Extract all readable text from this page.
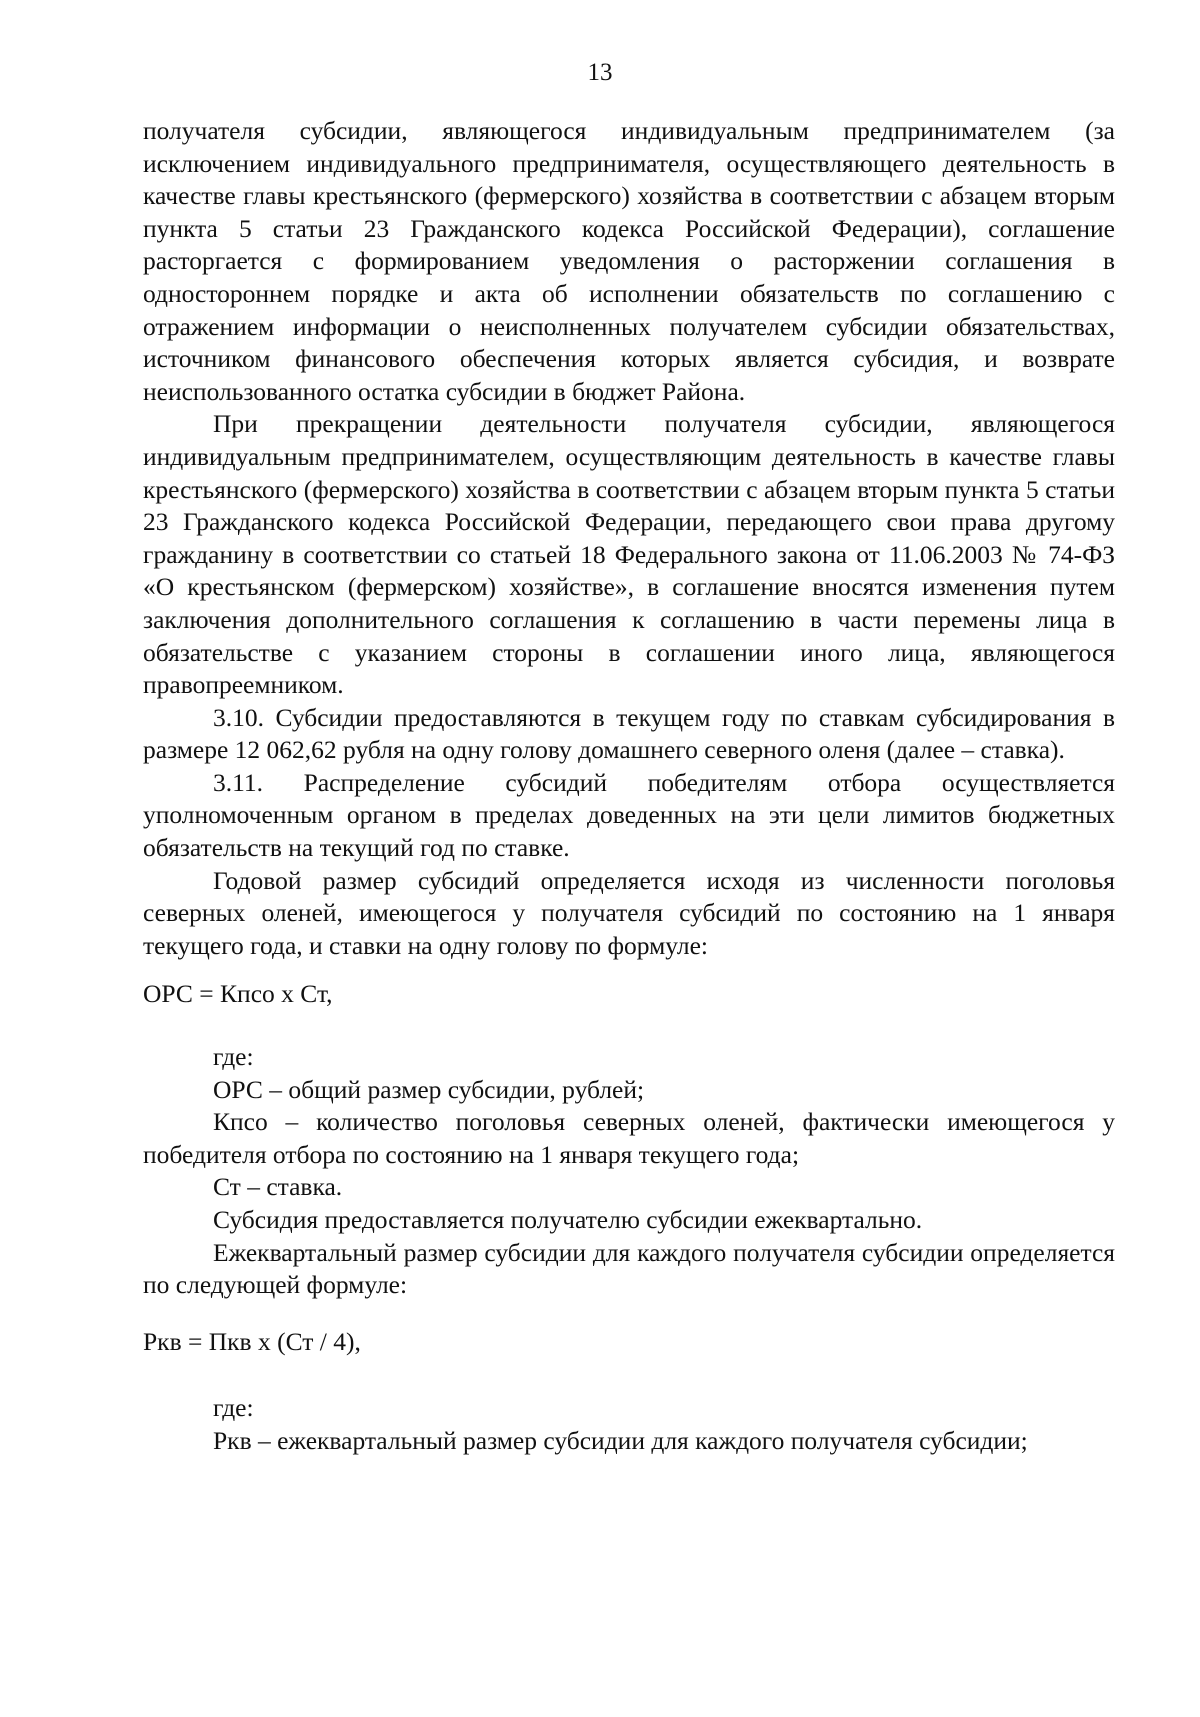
13

получателя субсидии, являющегося индивидуальным предпринимателем (за исключением индивидуального предпринимателя, осуществляющего деятельность в качестве главы крестьянского (фермерского) хозяйства в соответствии с абзацем вторым пункта 5 статьи 23 Гражданского кодекса Российской Федерации), соглашение расторгается с формированием уведомления о расторжении соглашения в одностороннем порядке и акта об исполнении обязательств по соглашению с отражением информации о неисполненных получателем субсидии обязательствах, источником финансового обеспечения которых является субсидия, и возврате неиспользованного остатка субсидии в бюджет Района.

При прекращении деятельности получателя субсидии, являющегося индивидуальным предпринимателем, осуществляющим деятельность в качестве главы крестьянского (фермерского) хозяйства в соответствии с абзацем вторым пункта 5 статьи 23 Гражданского кодекса Российской Федерации, передающего свои права другому гражданину в соответствии со статьей 18 Федерального закона от 11.06.2003 № 74-ФЗ «О крестьянском (фермерском) хозяйстве», в соглашение вносятся изменения путем заключения дополнительного соглашения к соглашению в части перемены лица в обязательстве с указанием стороны в соглашении иного лица, являющегося правопреемником.

3.10. Субсидии предоставляются в текущем году по ставкам субсидирования в размере 12 062,62 рубля на одну голову домашнего северного оленя (далее – ставка).

3.11. Распределение субсидий победителям отбора осуществляется уполномоченным органом в пределах доведенных на эти цели лимитов бюджетных обязательств на текущий год по ставке.

Годовой размер субсидий определяется исходя из численности поголовья северных оленей, имеющегося у получателя субсидий по состоянию на 1 января текущего года, и ставки на одну голову по формуле:

ОРС = Кпсо х Ст,

где:

ОРС – общий размер субсидии, рублей;

Кпсо – количество поголовья северных оленей, фактически имеющегося у победителя отбора по состоянию на 1 января текущего года;

Ст – ставка.

Субсидия предоставляется получателю субсидии ежеквартально.

Ежеквартальный размер субсидии для каждого получателя субсидии определяется по следующей формуле:

Ркв = Пкв х (Ст / 4),

где:

Ркв – ежеквартальный размер субсидии для каждого получателя субсидии;
